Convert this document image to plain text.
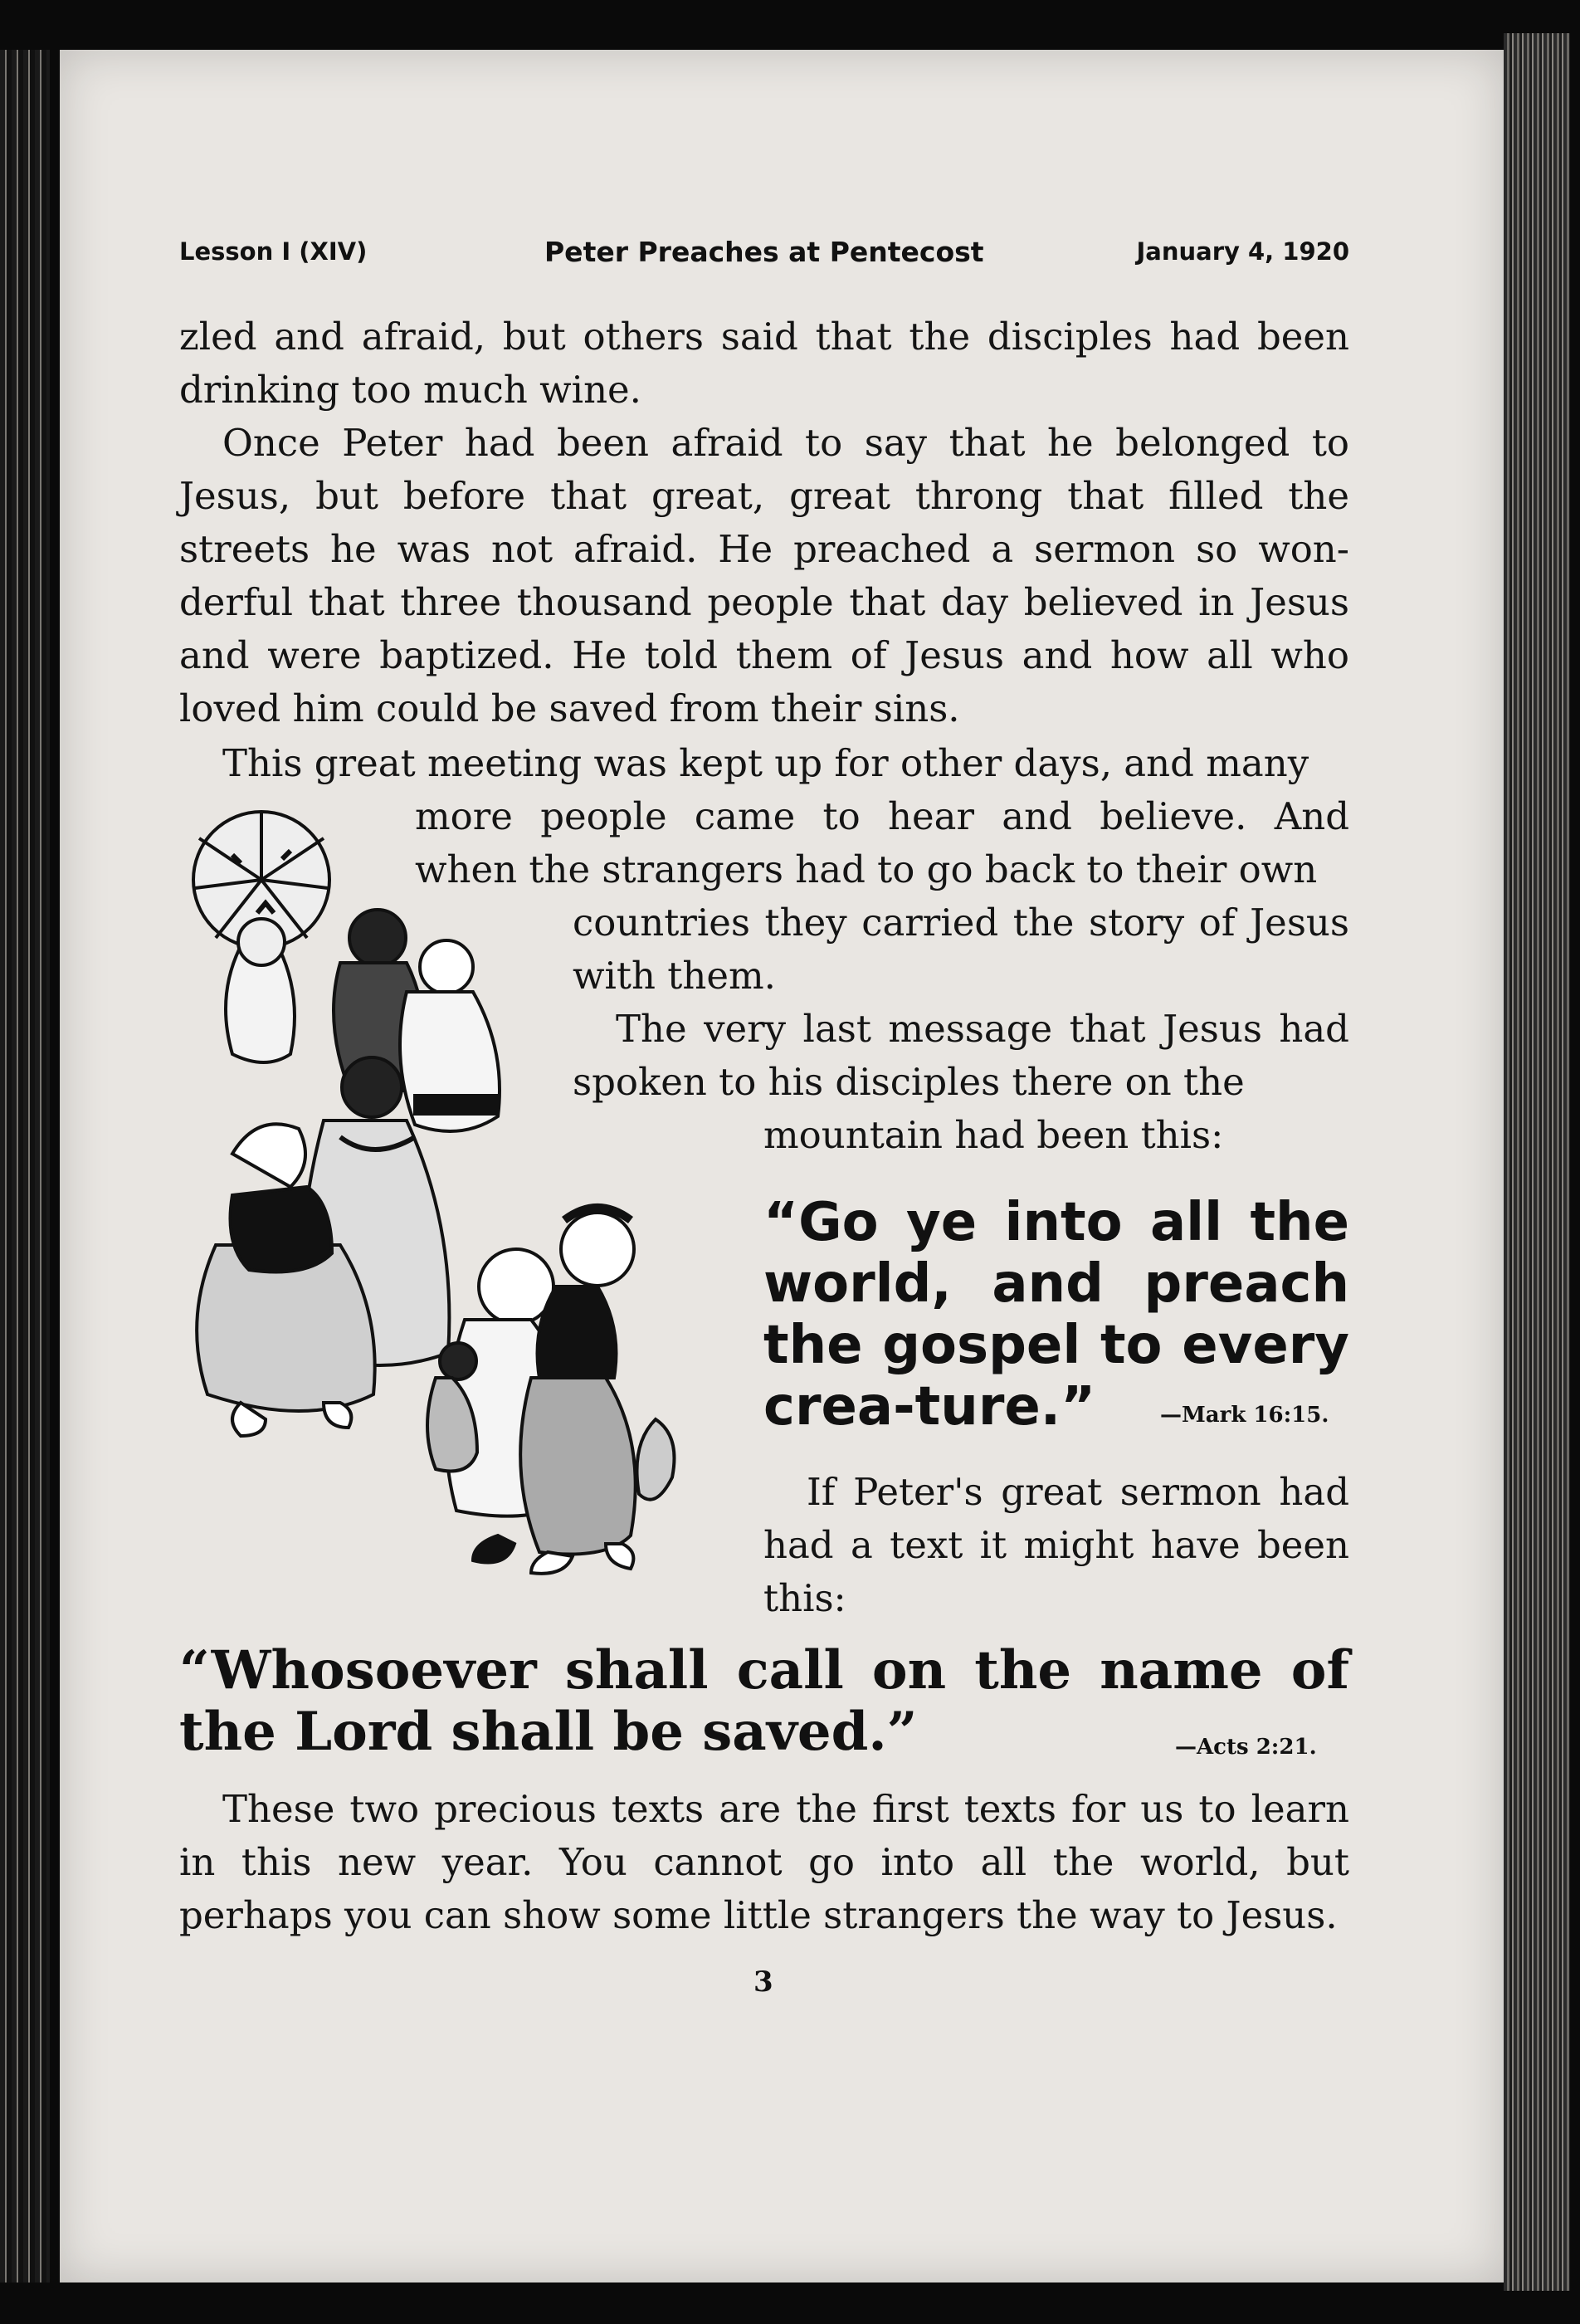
Lesson I (XIV)	Peter Preaches at Pentecost	January 4, 1920

zled and afraid, but others said that the disciples had been drinking too much wine.

Once Peter had been afraid to say that he belonged to Jesus, but before that great, great throng that filled the streets he was not afraid. He preached a sermon so won-derful that three thousand people that day believed in Jesus and were baptized. He told them of Jesus and how all who loved him could be saved from their sins.

This great meeting was kept up for other days, and many

more people came to hear and believe. And when the strangers had to go back to their own

countries they carried the story of Jesus with them.

The very last message that Jesus had spoken to his disciples there on the

mountain had been this:

If Peter's great sermon had had a text it might have been this:

These two precious texts are the first texts for us to learn in this new year. You cannot go into all the world, but perhaps you can show some little strangers the way to Jesus.

“Go ye into all the world, and preach the gospel to every crea-ture.”	—Mark 16:15.
“Whosoever shall call on the name of the Lord shall be saved.”	—Acts 2:21.
3
